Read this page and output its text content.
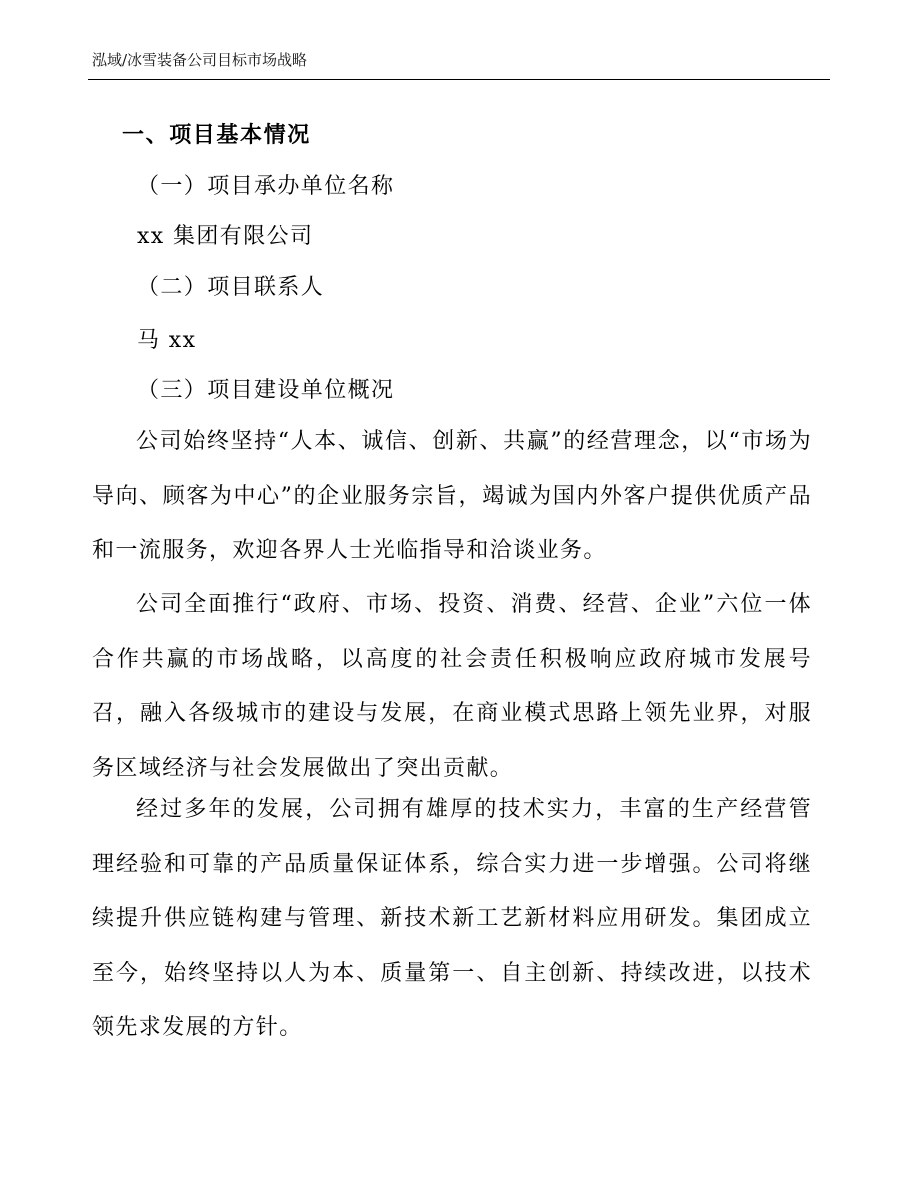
泓域/冰雪装备公司目标市场战略
一、项目基本情况
（一）项目承办单位名称
xx 集团有限公司
（二）项目联系人
马 xx
（三）项目建设单位概况
公司始终坚持“人本、诚信、创新、共赢”的经营理念，以“市场为导向、顾客为中心”的企业服务宗旨，竭诚为国内外客户提供优质产品和一流服务，欢迎各界人士光临指导和洽谈业务。
公司全面推行“政府、市场、投资、消费、经营、企业”六位一体合作共赢的市场战略，以高度的社会责任积极响应政府城市发展号召，融入各级城市的建设与发展，在商业模式思路上领先业界，对服务区域经济与社会发展做出了突出贡献。
经过多年的发展，公司拥有雄厚的技术实力，丰富的生产经营管理经验和可靠的产品质量保证体系，综合实力进一步增强。公司将继续提升供应链构建与管理、新技术新工艺新材料应用研发。集团成立至今，始终坚持以人为本、质量第一、自主创新、持续改进，以技术领先求发展的方针。
